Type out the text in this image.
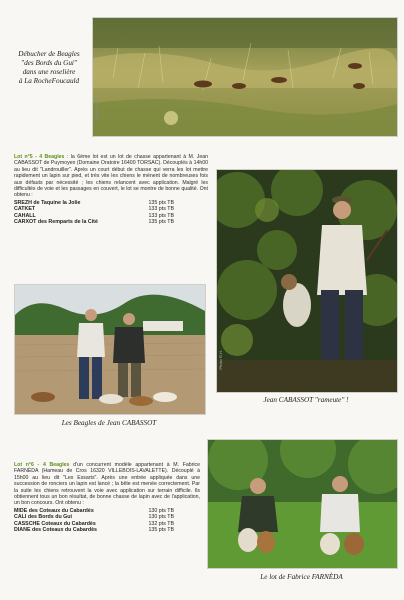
Débucher de Beagles
"des Bords du Gui"
dans une roselière
à La RocheFoucauld
Photo R.H.
Lot n°5 - 4 Beagles : la 6ème lot est un lot de chasse appartenant à M. Jean CABASSOT de Puymoyen (Domaine Oratoire 16400 TORSAC). Découplés à 14h00 au lieu dit "Landrouiller". Après un court début de chasse qui verra les lot mettre rapidement un lapin sur pied, et très vite les chiens le mènent de nombreuses fois aux défauts par nécessité ; les chiens relancent avec application. Malgré les difficultés de voie et les passages en couvert, le lot se montre de bonne qualité. Ont obtenu :
SREZH de Taquine la Jolie	135 pts TB
CATKET	133 pts TB
CAHALL	133 pts TB
CARXOT des Remparts de la Cité	135 pts TB
Photo R.H.
Jean CABASSOT "rameute" !
Les Beagles de Jean CABASSOT
Lot n°6 - 4 Beagles d'un concurrent modèle appartenant à M. Fabrice FARNÈDA (Hameau de Cros 16320 VILLEBOIS-LAVALETTE). Découplé à 15h00 au lieu dit "Les Essarts". Après une entrée appliquée dans une succession de ronciers un lapin est lancé ; la bête est menée correctement. Par la suite les chiens retrouvent la voie avec application sur terrain difficile. Ils obtiennent tous un bon résultat, de bonne chasse de lapin avec de l'application, un bon concours. Ont obtenu :
MIDE des Coteaux du Cabardès	130 pts TB
CALI des Bords du Gui	130 pts TB
CASSCHE Coteaux du Cabardès	132 pts TB
DIANE des Coteaux du Cabardès	135 pts TB
Le lot de Fabrice FARNÈDA
